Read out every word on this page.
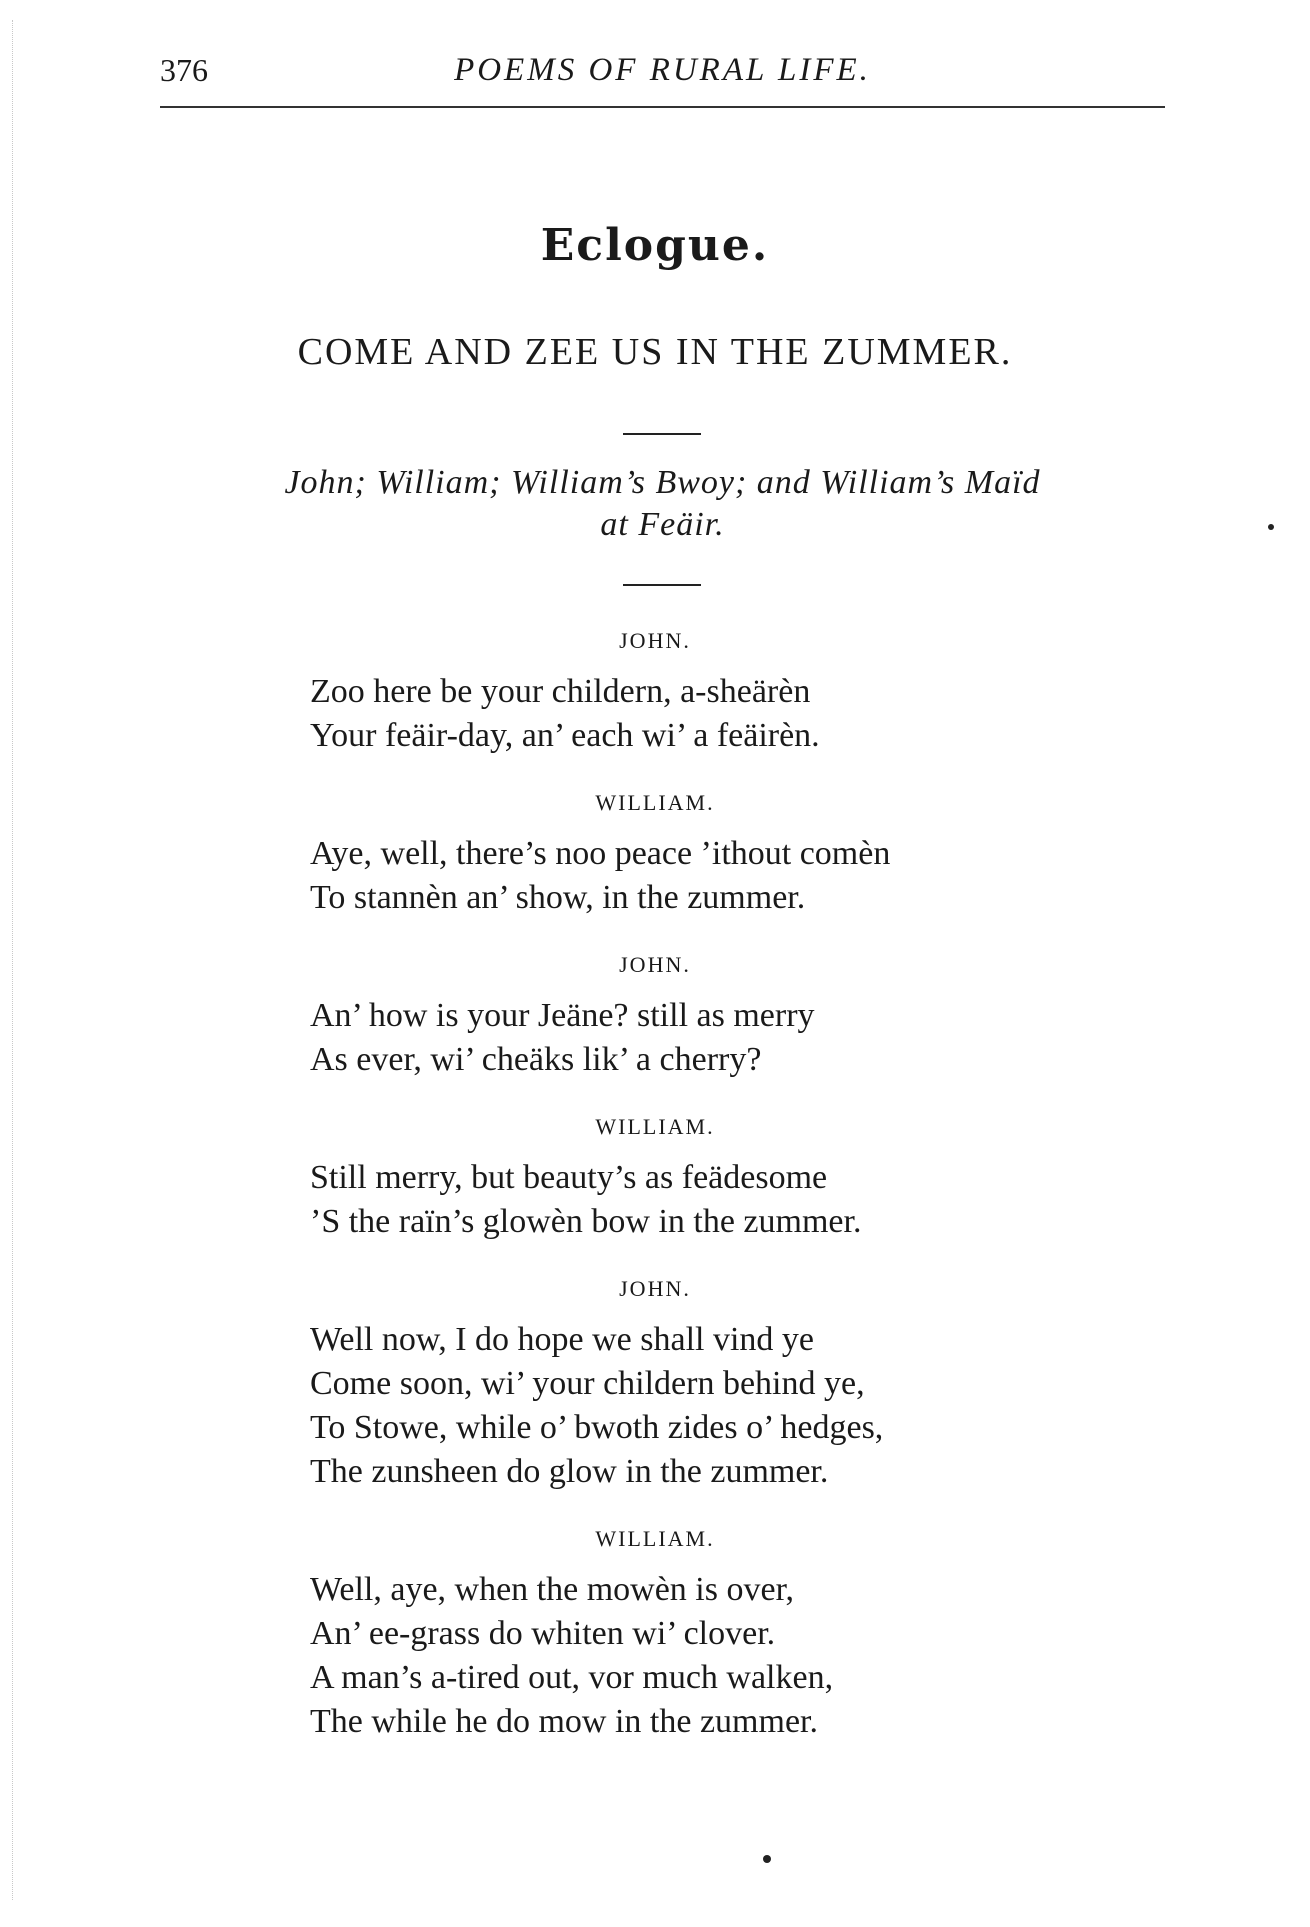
376	POEMS OF RURAL LIFE.
Eclogue.
COME AND ZEE US IN THE ZUMMER.
John; William; William’s Bwoy; and William’s Maïd
at Feäir.
JOHN.
Zoo here be your childern, a-sheärèn
Your feäir-day, an’ each wi’ a feäirèn.
WILLIAM.
Aye, well, there’s noo peace ’ithout comèn
To stannèn an’ show, in the zummer.
JOHN.
An’ how is your Jeäne? still as merry
As ever, wi’ cheäks lik’ a cherry?
WILLIAM.
Still merry, but beauty’s as feädesome
’S the raïn’s glowèn bow in the zummer.
JOHN.
Well now, I do hope we shall vind ye
Come soon, wi’ your childern behind ye,
To Stowe, while o’ bwoth zides o’ hedges,
The zunsheen do glow in the zummer.
WILLIAM.
Well, aye, when the mowèn is over,
An’ ee-grass do whiten wi’ clover.
A man’s a-tired out, vor much walken,
The while he do mow in the zummer.
